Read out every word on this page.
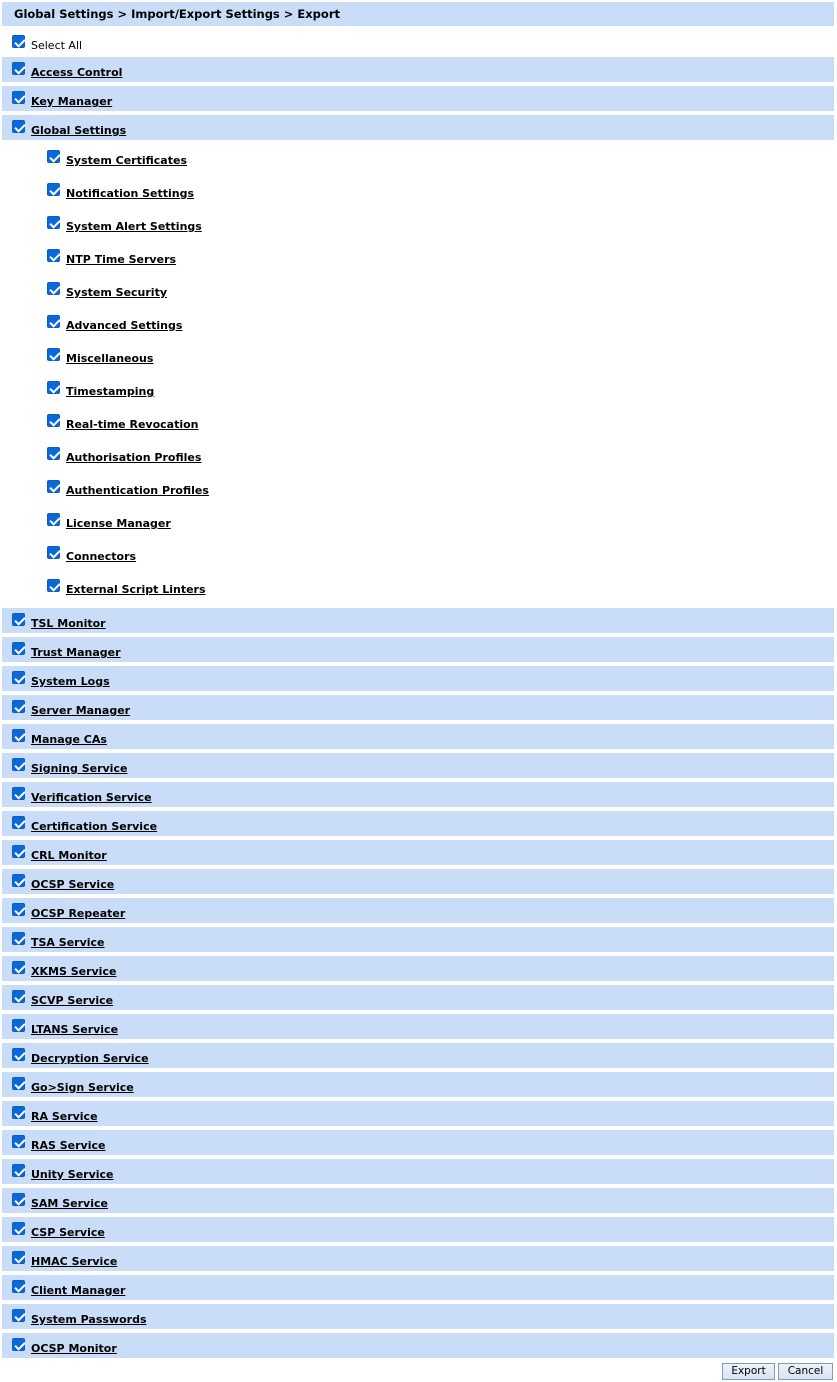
Global Settings > Import/Export Settings > Export
Select All
Access Control
Key Manager
Global Settings
System Certificates
Notification Settings
System Alert Settings
NTP Time Servers
System Security
Advanced Settings
Miscellaneous
Timestamping
Real-time Revocation
Authorisation Profiles
Authentication Profiles
License Manager
Connectors
External Script Linters
TSL Monitor
Trust Manager
System Logs
Server Manager
Manage CAs
Signing Service
Verification Service
Certification Service
CRL Monitor
OCSP Service
OCSP Repeater
TSA Service
XKMS Service
SCVP Service
LTANS Service
Decryption Service
Go>Sign Service
RA Service
RAS Service
Unity Service
SAM Service
CSP Service
HMAC Service
Client Manager
System Passwords
OCSP Monitor
Export	Cancel
